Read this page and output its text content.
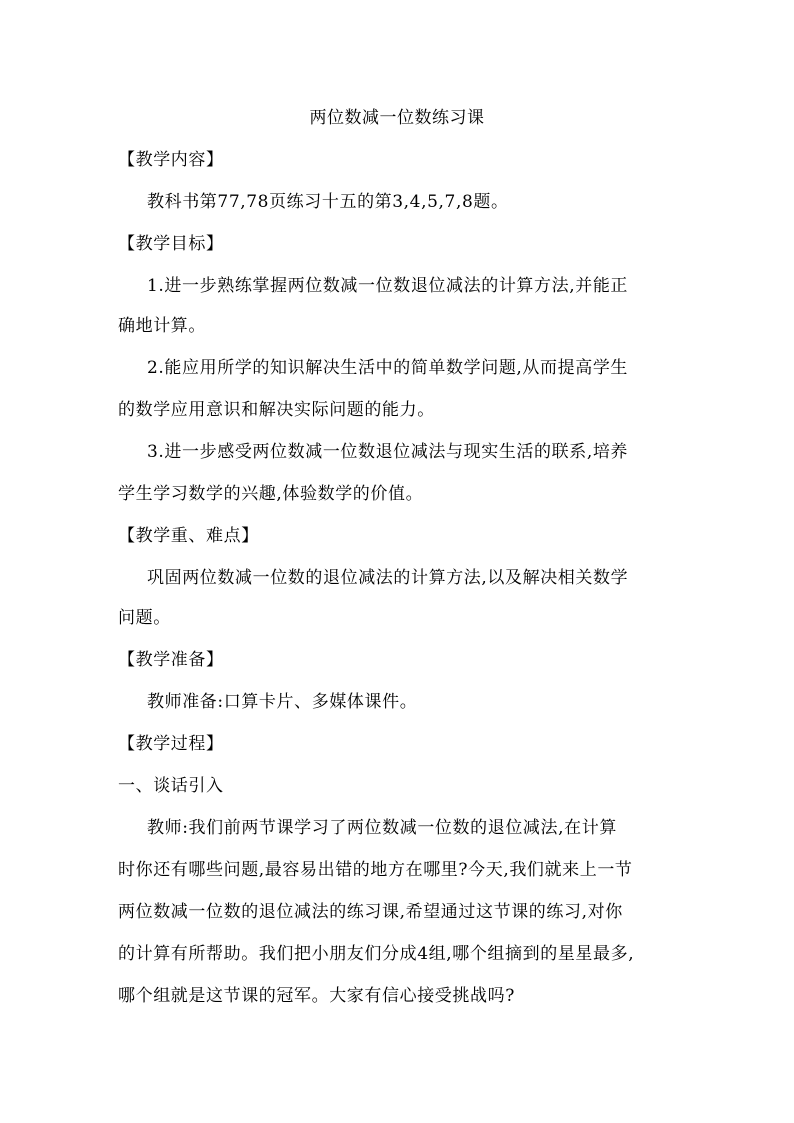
两位数减一位数练习课
【教学内容】
教科书第77,78页练习十五的第3,4,5,7,8题。
【教学目标】
1.进一步熟练掌握两位数减一位数退位减法的计算方法,并能正
确地计算。
2.能应用所学的知识解决生活中的简单数学问题,从而提高学生
的数学应用意识和解决实际问题的能力。
3.进一步感受两位数减一位数退位减法与现实生活的联系,培养
学生学习数学的兴趣,体验数学的价值。
【教学重、难点】
巩固两位数减一位数的退位减法的计算方法,以及解决相关数学
问题。
【教学准备】
教师准备:口算卡片、多媒体课件。
【教学过程】
一、谈话引入
教师:我们前两节课学习了两位数减一位数的退位减法,在计算
时你还有哪些问题,最容易出错的地方在哪里?今天,我们就来上一节
两位数减一位数的退位减法的练习课,希望通过这节课的练习,对你
的计算有所帮助。我们把小朋友们分成4组,哪个组摘到的星星最多,
哪个组就是这节课的冠军。大家有信心接受挑战吗?
